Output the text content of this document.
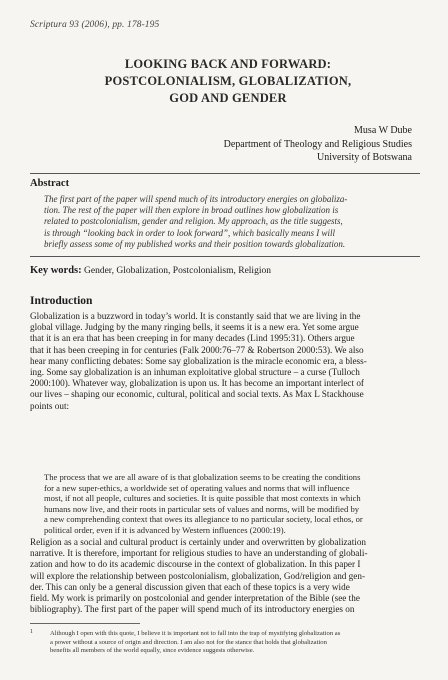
Scriptura 93 (2006), pp. 178-195
LOOKING BACK AND FORWARD:
POSTCOLONIALISM, GLOBALIZATION,
GOD AND GENDER
Musa W Dube
Department of Theology and Religious Studies
University of Botswana
Abstract
The first part of the paper will spend much of its introductory energies on globaliza-
tion. The rest of the paper will then explore in broad outlines how globalization is
related to postcolonialism, gender and religion. My approach, as the title suggests,
is through “looking back in order to look forward”, which basically means I will
briefly assess some of my published works and their position towards globalization.
Key words: Gender, Globalization, Postcolonialism, Religion
Introduction
Globalization is a buzzword in today’s world. It is constantly said that we are living in the
global village. Judging by the many ringing bells, it seems it is a new era. Yet some argue
that it is an era that has been creeping in for many decades (Lind 1995:31). Others argue
that it has been creeping in for centuries (Falk 2000:76–77 & Robertson 2000:53). We also
hear many conflicting debates: Some say globalization is the miracle economic era, a bless-
ing. Some say globalization is an inhuman exploitative global structure – a curse (Tulloch
2000:100). Whatever way, globalization is upon us. It has become an important interlect of
our lives – shaping our economic, cultural, political and social texts. As Max L Stackhouse
points out:
The process that we are all aware of is that globalization seems to be creating the conditions
for a new super-ethics, a worldwide set of operating values and norms that will influence
most, if not all people, cultures and societies. It is quite possible that most contexts in which
humans now live, and their roots in particular sets of values and norms, will be modified by
a new comprehending context that owes its allegiance to no particular society, local ethos, or
political order, even if it is advanced by Western influences (2000:19).
Religion as a social and cultural product is certainly under and overwritten by globalization
narrative. It is therefore, important for religious studies to have an understanding of globali-
zation and how to do its academic discourse in the context of globalization. In this paper I
will explore the relationship between postcolonialism, globalization, God/religion and gen-
der. This can only be a general discussion given that each of these topics is a very wide
field. My work is primarily on postcolonial and gender interpretation of the Bible (see the
bibliography). The first part of the paper will spend much of its introductory energies on
1	Although I open with this quote, I believe it is important not to fall into the trap of mystifying globalization as
a power without a source of origin and direction. I am also not for the stance that holds that globalization
benefits all members of the world equally, since evidence suggests otherwise.
